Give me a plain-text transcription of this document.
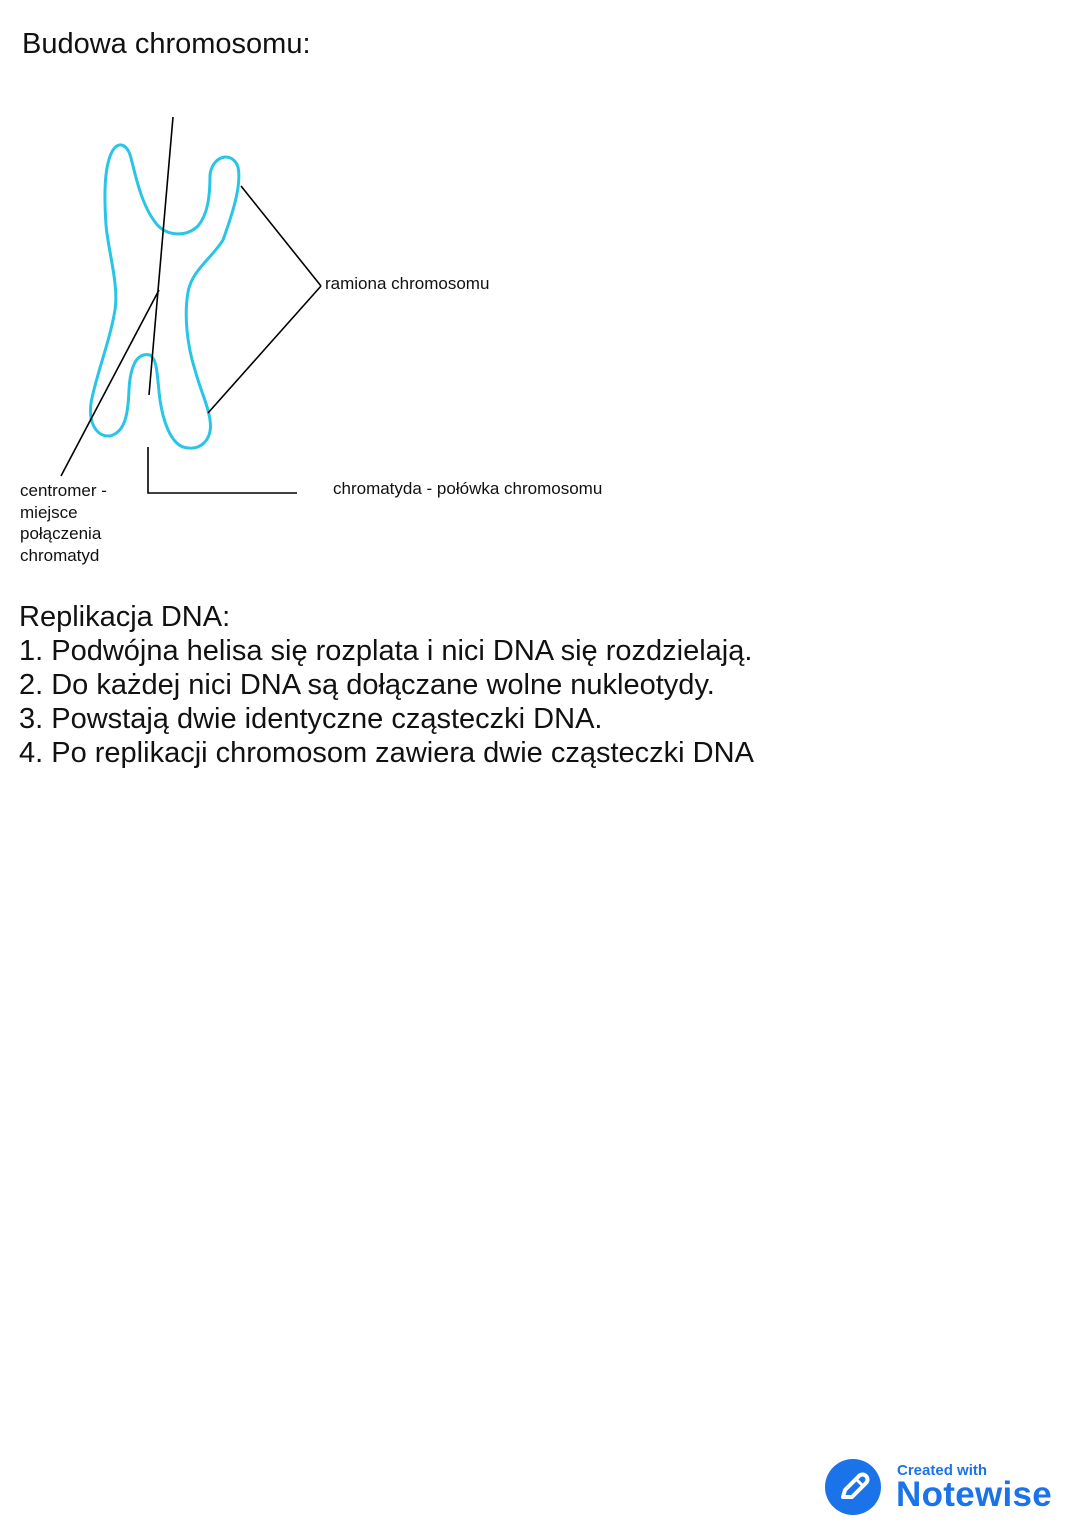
Budowa chromosomu:
ramiona chromosomu
chromatyda - połówka chromosomu
centromer - miejsce połączenia chromatyd
Replikacja DNA:
1. Podwójna helisa się rozplata i nici DNA się rozdzielają.
2. Do każdej nici DNA są dołączane wolne nukleotydy.
3. Powstają dwie identyczne cząsteczki DNA.
4. Po replikacji chromosom zawiera dwie cząsteczki DNA
Created with
Notewise
